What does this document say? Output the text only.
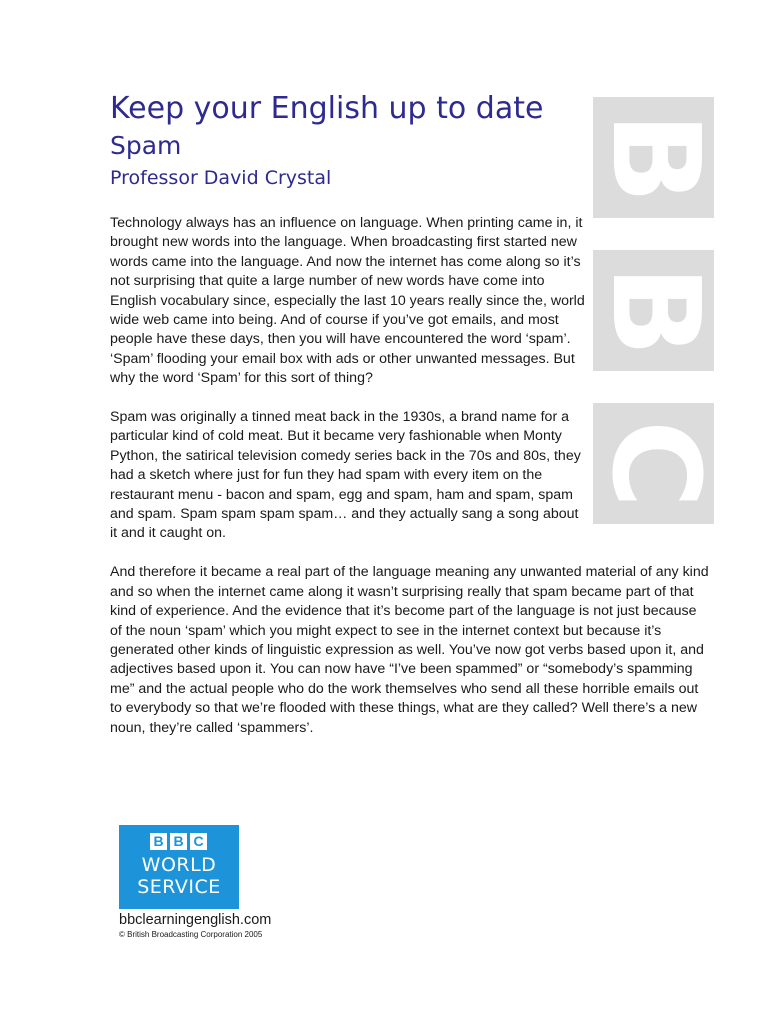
Keep your English up to date
Spam
Professor David Crystal

Technology always has an influence on language. When printing came in, it brought new words into the language. When broadcasting first started new words came into the language. And now the internet has come along so it’s not surprising that quite a large number of new words have come into English vocabulary since, especially the last 10 years really since the, world wide web came into being. And of course if you’ve got emails, and most people have these days, then you will have encountered the word ‘spam’. ‘Spam’ flooding your email box with ads or other unwanted messages. But why the word ‘Spam’ for this sort of thing?

Spam was originally a tinned meat back in the 1930s, a brand name for a particular kind of cold meat. But it became very fashionable when Monty Python, the satirical television comedy series back in the 70s and 80s, they had a sketch where just for fun they had spam with every item on the restaurant menu - bacon and spam, egg and spam, ham and spam, spam and spam. Spam spam spam spam… and they actually sang a song about it and it caught on.

And therefore it became a real part of the language meaning any unwanted material of any kind and so when the internet came along it wasn’t surprising really that spam became part of that kind of experience. And the evidence that it’s become part of the language is not just because of the noun ‘spam’ which you might expect to see in the internet context but because it’s generated other kinds of linguistic expression as well. You’ve now got verbs based upon it, and adjectives based upon it. You can now have “I’ve been spammed” or “somebody’s spamming me” and the actual people who do the work themselves who send all these horrible emails out to everybody so that we’re flooded with these things, what are they called? Well there’s a new noun, they’re called ‘spammers’.

B
B
C
B B C
WORLD
SERVICE
bbclearningenglish.com
© British Broadcasting Corporation 2005
